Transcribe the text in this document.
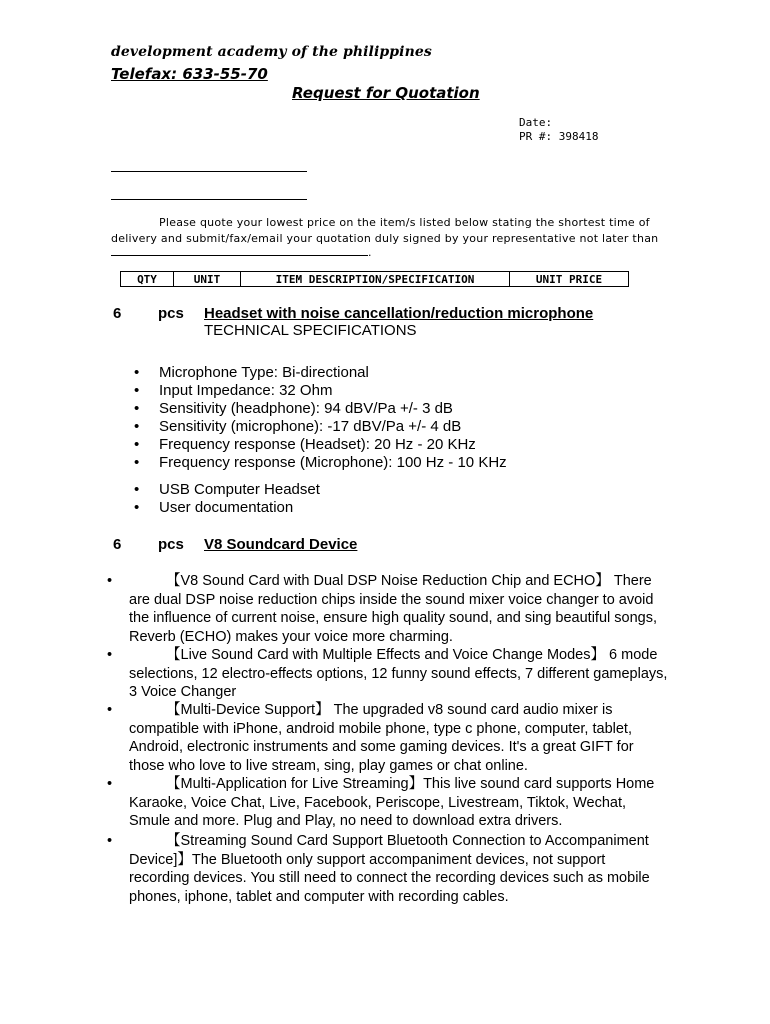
development academy of the philippines
Telefax: 633-55-70
Request for Quotation
Date:
PR #: 398418
Please quote your lowest price on the item/s listed below stating the shortest time of
delivery and submit/fax/email your quotation duly signed by your representative not later than
.
QTY	UNIT	ITEM DESCRIPTION/SPECIFICATION	UNIT PRICE
6 pcs Headset with noise cancellation/reduction microphone
TECHNICAL SPECIFICATIONS
• Microphone Type: Bi-directional
• Input Impedance: 32 Ohm
• Sensitivity (headphone): 94 dBV/Pa +/- 3 dB
• Sensitivity (microphone): -17 dBV/Pa +/- 4 dB
• Frequency response (Headset): 20 Hz - 20 KHz
• Frequency response (Microphone): 100 Hz - 10 KHz
• USB Computer Headset
• User documentation
6 pcs V8 Soundcard Device
•	【V8 Sound Card with Dual DSP Noise Reduction Chip and ECHO】 There are dual DSP noise reduction chips inside the sound mixer voice changer to avoid the influence of current noise, ensure high quality sound, and sing beautiful songs, Reverb (ECHO) makes your voice more charming.

•	【Live Sound Card with Multiple Effects and Voice Change Modes】 6 mode selections, 12 electro-effects options, 12 funny sound effects, 7 different gameplays, 3 Voice Changer

•	【Multi-Device Support】 The upgraded v8 sound card audio mixer is compatible with iPhone, android mobile phone, type c phone, computer, tablet, Android, electronic instruments and some gaming devices. It's a great GIFT for those who love to live stream, sing, play games or chat online.

•	【Multi-Application for Live Streaming】This live sound card supports Home Karaoke, Voice Chat, Live, Facebook, Periscope, Livestream, Tiktok, Wechat, Smule and more. Plug and Play, no need to download extra drivers.

•	【Streaming Sound Card Support Bluetooth Connection to Accompaniment Device]】The Bluetooth only support accompaniment devices, not support recording devices. You still need to connect the recording devices such as mobile phones, iphone, tablet and computer with recording cables.
